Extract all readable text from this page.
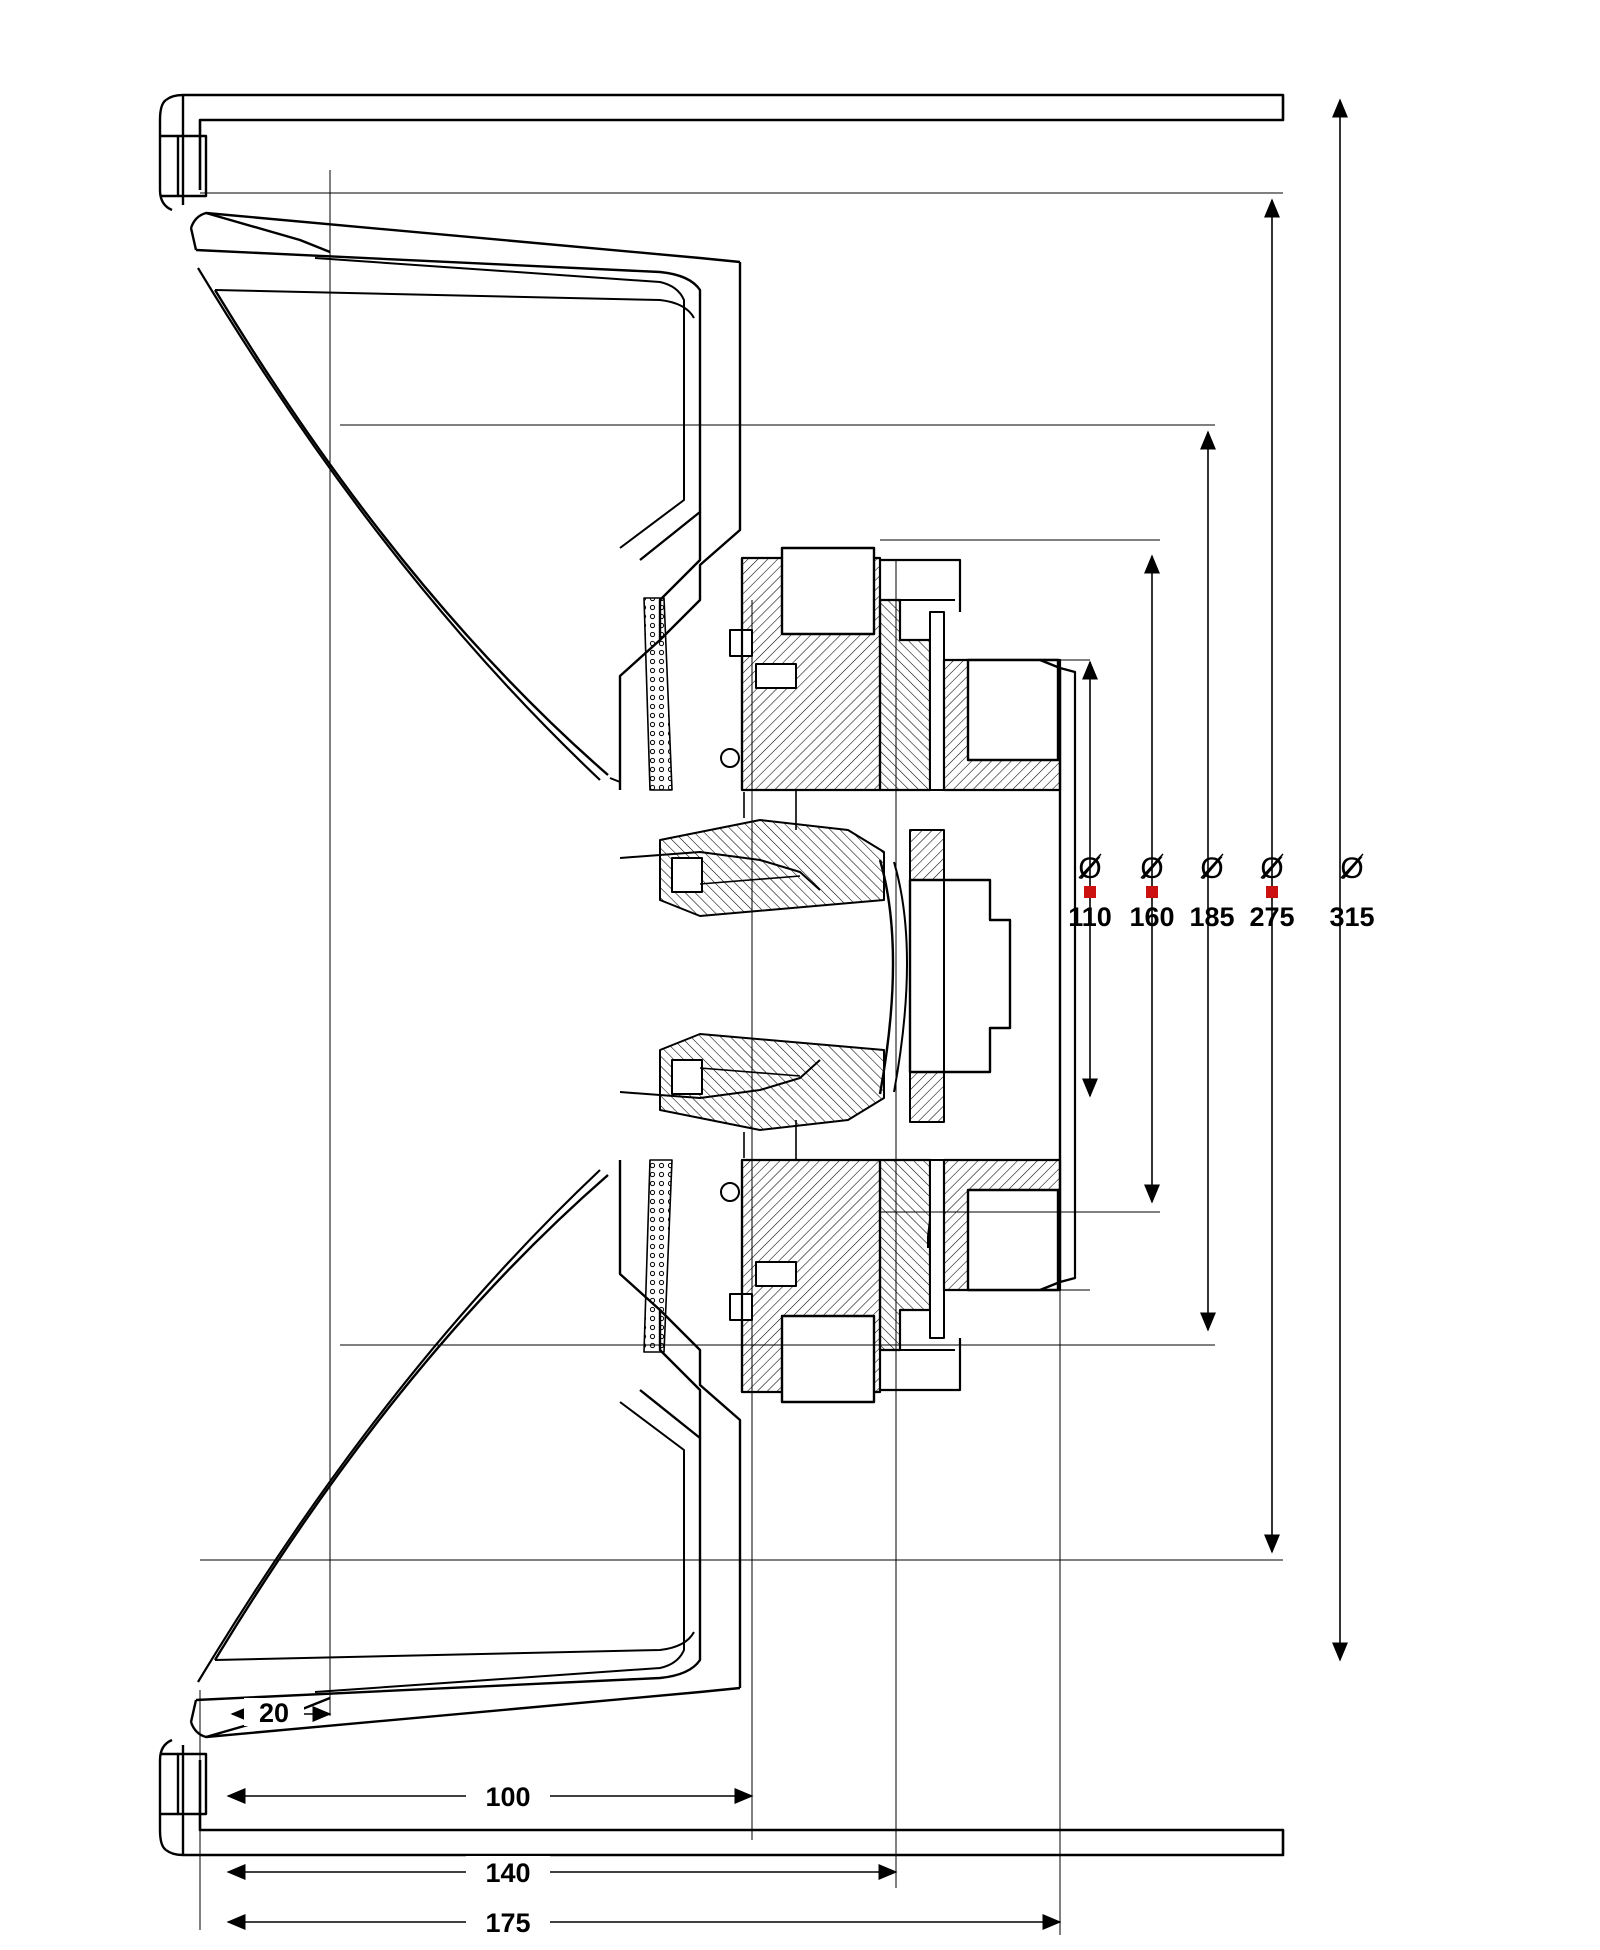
Ø
110
Ø
160
Ø
185
Ø
275
Ø
315
20
100
140
175
